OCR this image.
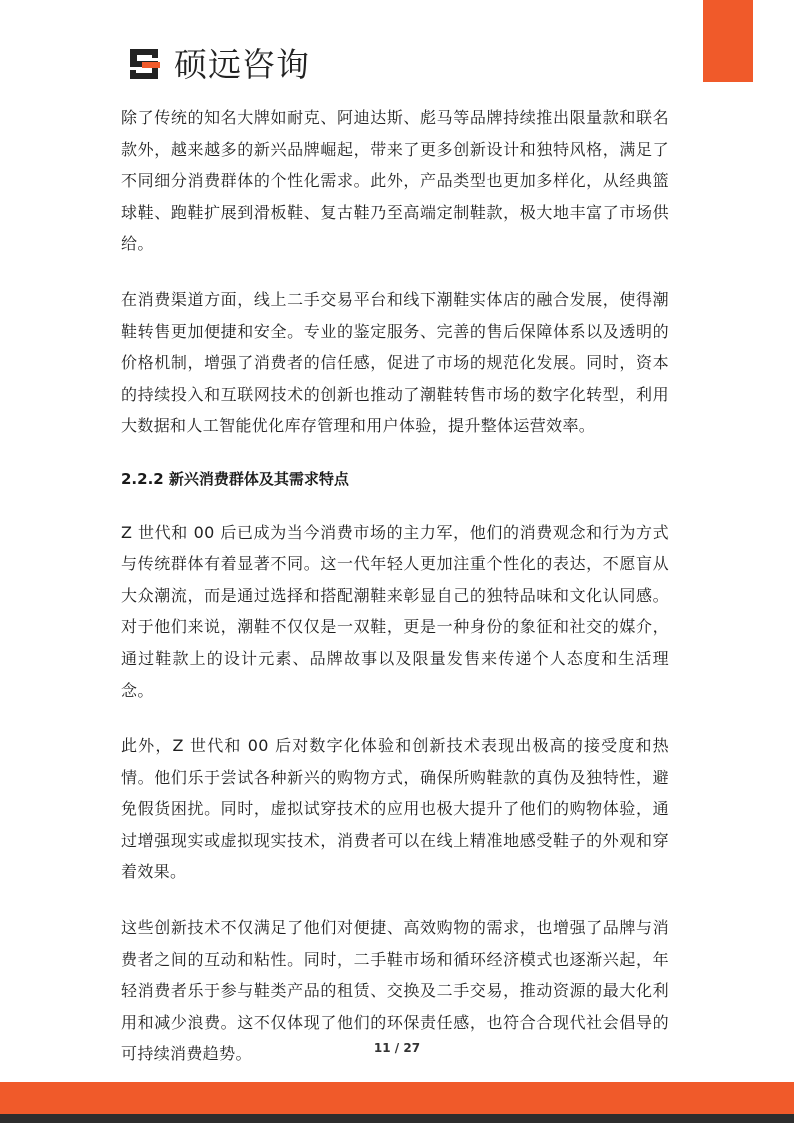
硕远咨询

除了传统的知名大牌如耐克、阿迪达斯、彪马等品牌持续推出限量款和联名款外，越来越多的新兴品牌崛起，带来了更多创新设计和独特风格，满足了不同细分消费群体的个性化需求。此外，产品类型也更加多样化，从经典篮球鞋、跑鞋扩展到滑板鞋、复古鞋乃至高端定制鞋款，极大地丰富了市场供给。

在消费渠道方面，线上二手交易平台和线下潮鞋实体店的融合发展，使得潮鞋转售更加便捷和安全。专业的鉴定服务、完善的售后保障体系以及透明的价格机制，增强了消费者的信任感，促进了市场的规范化发展。同时，资本的持续投入和互联网技术的创新也推动了潮鞋转售市场的数字化转型，利用大数据和人工智能优化库存管理和用户体验，提升整体运营效率。

2.2.2 新兴消费群体及其需求特点

Z 世代和 00 后已成为当今消费市场的主力军，他们的消费观念和行为方式与传统群体有着显著不同。这一代年轻人更加注重个性化的表达，不愿盲从大众潮流，而是通过选择和搭配潮鞋来彰显自己的独特品味和文化认同感。对于他们来说，潮鞋不仅仅是一双鞋，更是一种身份的象征和社交的媒介，通过鞋款上的设计元素、品牌故事以及限量发售来传递个人态度和生活理念。

此外，Z 世代和 00 后对数字化体验和创新技术表现出极高的接受度和热情。他们乐于尝试各种新兴的购物方式，确保所购鞋款的真伪及独特性，避免假货困扰。同时，虚拟试穿技术的应用也极大提升了他们的购物体验，通过增强现实或虚拟现实技术，消费者可以在线上精准地感受鞋子的外观和穿着效果。

这些创新技术不仅满足了他们对便捷、高效购物的需求，也增强了品牌与消费者之间的互动和粘性。同时，二手鞋市场和循环经济模式也逐渐兴起，年轻消费者乐于参与鞋类产品的租赁、交换及二手交易，推动资源的最大化利用和减少浪费。这不仅体现了他们的环保责任感，也符合合现代社会倡导的可持续消费趋势。	11 / 27
